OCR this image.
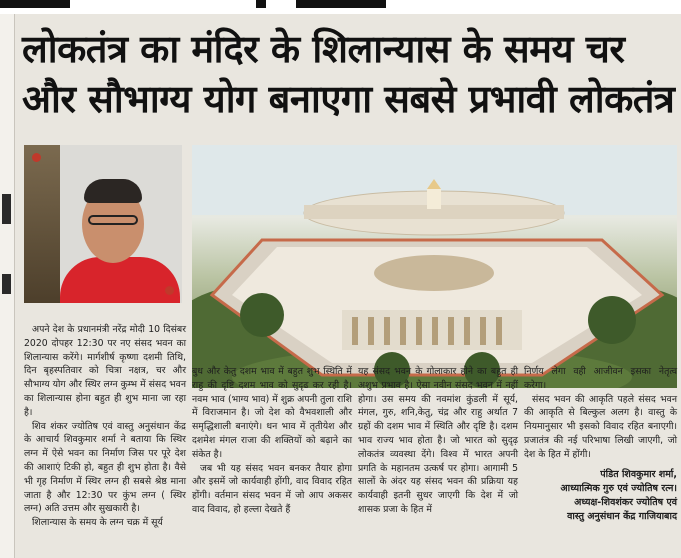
लोकतंत्र का मंदिर के शिलान्यास के समय चर
और सौभाग्य योग बनाएगा सबसे प्रभावी लोकतंत्र

अपने देश के प्रधानमंत्री नरेंद्र मोदी 10 दिसंबर 2020 दोपहर 12:30 पर नए संसद भवन का शिलान्यास करेंगे। मार्गशीर्ष कृष्णा दशमी तिथि, दिन बृहस्पतिवार को चित्रा नक्षत्र, चर और सौभाग्य योग और स्थिर लग्न कुम्भ में संसद भवन का शिलान्यास होना बहुत ही शुभ माना जा रहा है।

शिव शंकर ज्योतिष एवं वास्तु अनुसंधान केंद्र के आचार्य शिवकुमार शर्मा ने बताया कि स्थिर लग्न में ऐसे भवन का निर्माण जिस पर पूरे देश की आशाएं टिकी हो, बहुत ही शुभ होता है। वैसे भी गृह निर्माण में स्थिर लग्न ही सबसे श्रेष्ठ माना जाता है और 12:30 पर कुंभ लग्न ( स्थिर लग्न) अति उत्तम और सुखकारी है।

शिलान्यास के समय के लग्न चक्र में सूर्य

बुध और केतु दशम भाव में बहुत शुभ स्थिति में राहु की दृष्टि दशम भाव को सुदृढ कर रही है। नवम भाव (भाग्य भाव) में शुक्र अपनी तुला राशि में विराजमान है। जो देश को वैभवशाली और समृद्धिशाली बनाएंगे। धन भाव में तृतीयेश और दशमेश मंगल राजा की शक्तियों को बढ़ाने का संकेत है।

जब भी यह संसद भवन बनकर तैयार होगा और इसमें जो कार्यवाही होंगी, वाद विवाद रहित होंगी। वर्तमान संसद भवन में जो आप अकसर वाद विवाद, हो हल्ला देखते हैं

यह संसद भवन के गोलाकार होने का बहुत ही अशुभ प्रभाव है। ऐसा नवीन संसद भवन में नहीं होगा। उस समय की नवमांश कुंडली में सूर्य, मंगल, गुरु, शनि,केतु, चंद्र और राहु अर्थात 7 ग्रहों की दशम भाव में स्थिति और दृष्टि है। दशम भाव राज्य भाव होता है। जो भारत को सुदृढ़ लोकतंत्र व्यवस्था देंगे। विश्व में भारत अपनी प्रगति के महानतम उत्कर्ष पर होगा। आगामी 5 सालों के अंदर यह संसद भवन की प्रक्रिया यह कार्यवाही इतनी सुधर जाएगी कि देश में जो शासक प्रजा के हित में

निर्णय लेगा वही आजीवन इसका नेतृत्व करेगा।

संसद भवन की आकृति पहले संसद भवन की आकृति से बिल्कुल अलग है। वास्तु के नियमानुसार भी इसको विवाद रहित बनाएगी। प्रजातंत्र की नई परिभाषा लिखी जाएगी, जो देश के हित में होंगी।

पंडित शिवकुमार शर्मा,
आध्यात्मिक गुरु एवं ज्योतिष रत्न।
अध्यक्ष-शिवशंकर ज्योतिष एवं
वास्तु अनुसंधान केंद्र गाजियाबाद
